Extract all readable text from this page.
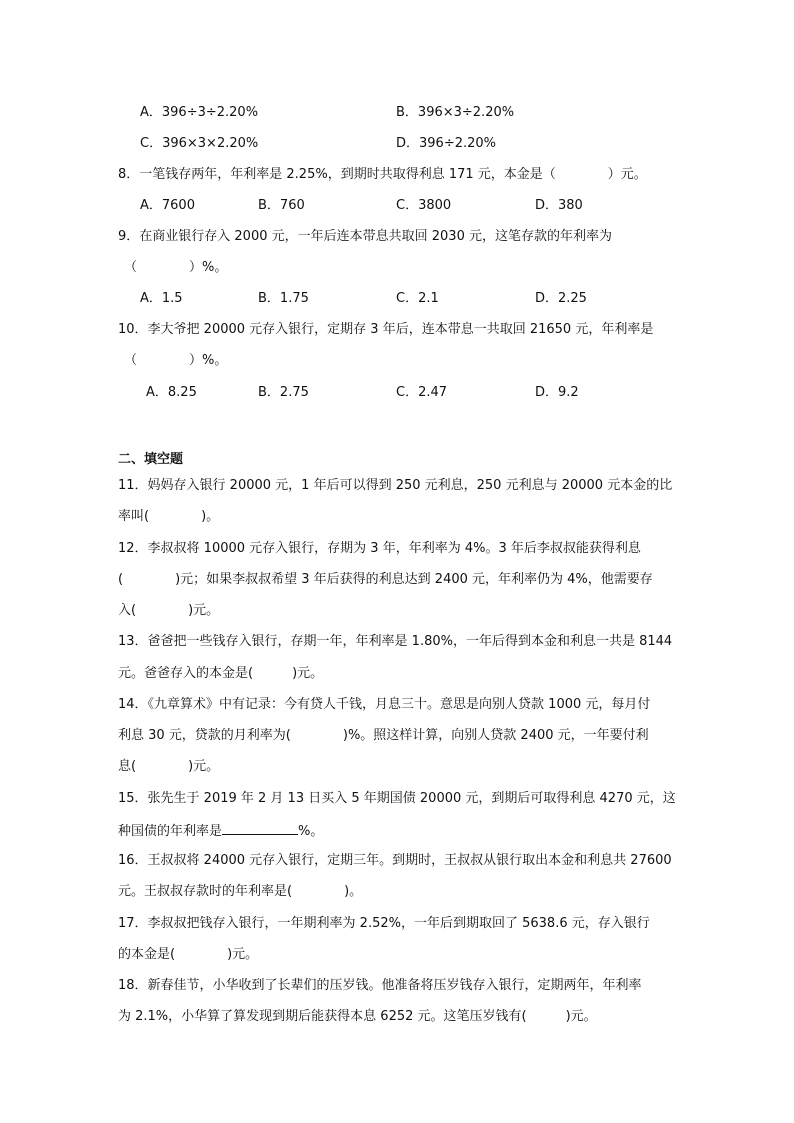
A．396÷3÷2.20%	B．396×3÷2.20%
C．396×3×2.20%	D．396÷2.20%
8．一笔钱存两年，年利率是 2.25%，到期时共取得利息 171 元，本金是（　　　　）元。
A．7600	B．760	C．3800	D．380
9．在商业银行存入 2000 元，一年后连本带息共取回 2030 元，这笔存款的年利率为
（　　　　）%。
A．1.5	B．1.75	C．2.1	D．2.25
10．李大爷把 20000 元存入银行，定期存 3 年后，连本带息一共取回 21650 元，年利率是
（　　　　）%。
A．8.25	B．2.75	C．2.47	D．9.2
二、填空题
11．妈妈存入银行 20000 元，1 年后可以得到 250 元利息，250 元利息与 20000 元本金的比
率叫(　　　　)。
12．李叔叔将 10000 元存入银行，存期为 3 年，年利率为 4%。3 年后李叔叔能获得利息
(　　　　)元；如果李叔叔希望 3 年后获得的利息达到 2400 元，年利率仍为 4%，他需要存
入(　　　　)元。
13．爸爸把一些钱存入银行，存期一年，年利率是 1.80%，一年后得到本金和利息一共是 8144
元。爸爸存入的本金是(　　　)元。
14．《九章算术》中有记录：今有贷人千钱，月息三十。意思是向别人贷款 1000 元，每月付
利息 30 元，贷款的月利率为(　　　　)%。照这样计算，向别人贷款 2400 元，一年要付利
息(　　　　)元。
15．张先生于 2019 年 2 月 13 日买入 5 年期国债 20000 元，到期后可取得利息 4270 元，这
种国债的年利率是	%。
16．王叔叔将 24000 元存入银行，定期三年。到期时，王叔叔从银行取出本金和利息共 27600
元。王叔叔存款时的年利率是(　　　　)。
17．李叔叔把钱存入银行，一年期利率为 2.52%，一年后到期取回了 5638.6 元，存入银行
的本金是(　　　　)元。
18．新春佳节，小华收到了长辈们的压岁钱。他准备将压岁钱存入银行，定期两年，年利率
为 2.1%，小华算了算发现到期后能获得本息 6252 元。这笔压岁钱有(　　　)元。
